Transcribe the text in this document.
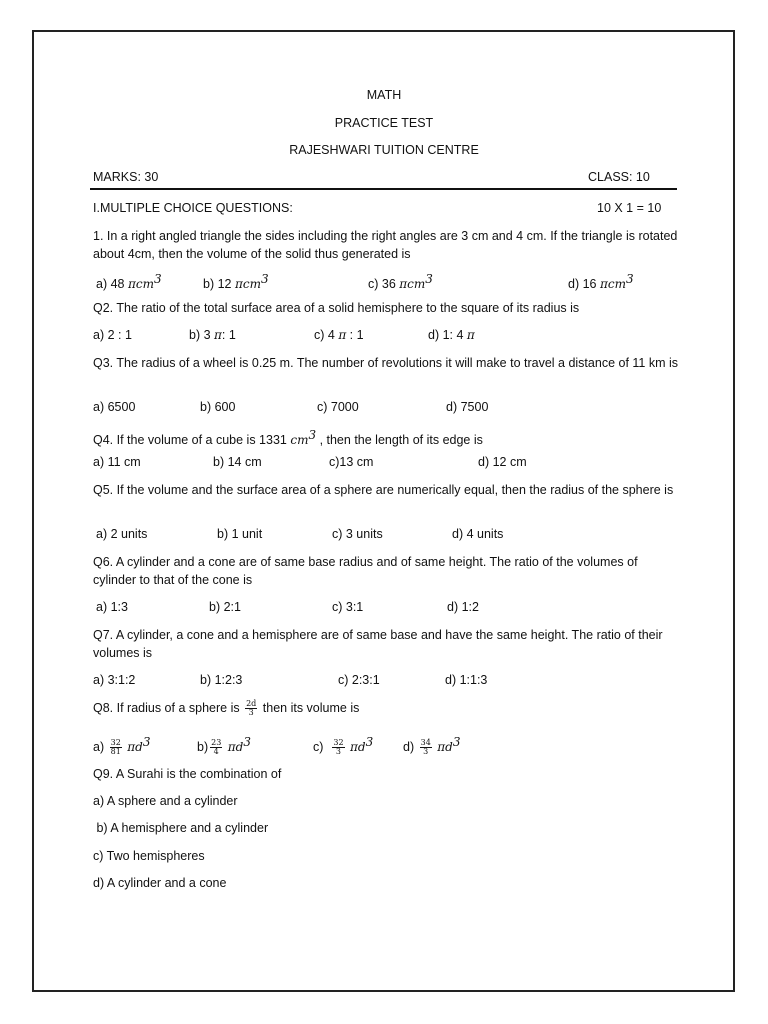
MATH
PRACTICE TEST
RAJESHWARI TUITION CENTRE
MARKS: 30	CLASS: 10
I.MULTIPLE CHOICE QUESTIONS:	10 X 1 = 10
1. In a right angled triangle the sides including the right angles are 3 cm and 4 cm. If the triangle is rotated about 4cm, then the volume of the solid thus generated is
a) 48 πcm$^3$	b) 12 πcm$^3$	c) 36 πcm$^3$	d) 16 πcm$^3$
Q2. The ratio of the total surface area of a solid hemisphere to the square of its radius is
a) 2 : 1	b) 3 π: 1	c) 4 π : 1	d) 1: 4 π
Q3. The radius of a wheel is 0.25 m. The number of revolutions it will make to travel a distance of 11 km is
a) 6500	b) 600	c) 7000	d) 7500
Q4. If the volume of a cube is 1331 $cm^3$ , then the length of its edge is
a) 11 cm	b) 14 cm	c)13 cm	d) 12 cm
Q5. If the volume and the surface area of a sphere are numerically equal, then the radius of the sphere is
a) 2 units	b) 1 unit	c) 3 units	d) 4 units
Q6. A cylinder and a cone are of same base radius and of same height. The ratio of the volumes of cylinder to that of the cone is
a) 1:3	b) 2:1	c) 3:1	d) 1:2
Q7. A cylinder, a cone and a hemisphere are of same base and have the same height. The ratio of their volumes is
a) 3:1:2	b) 1:2:3	c) 2:3:1	d) 1:1:3
Q8. If radius of a sphere is $\frac{2d}{3}$ then its volume is
$a) \frac{32}{81} \pi d^3$	$b) \frac{23}{4} \pi d^3$	$c) \frac{32}{3} \pi d^3$ $d) \frac{34}{3} \pi d^3$
Q9. A Surahi is the combination of
a) A sphere and a cylinder
b) A hemisphere and a cylinder
c) Two hemispheres
d) A cylinder and a cone
